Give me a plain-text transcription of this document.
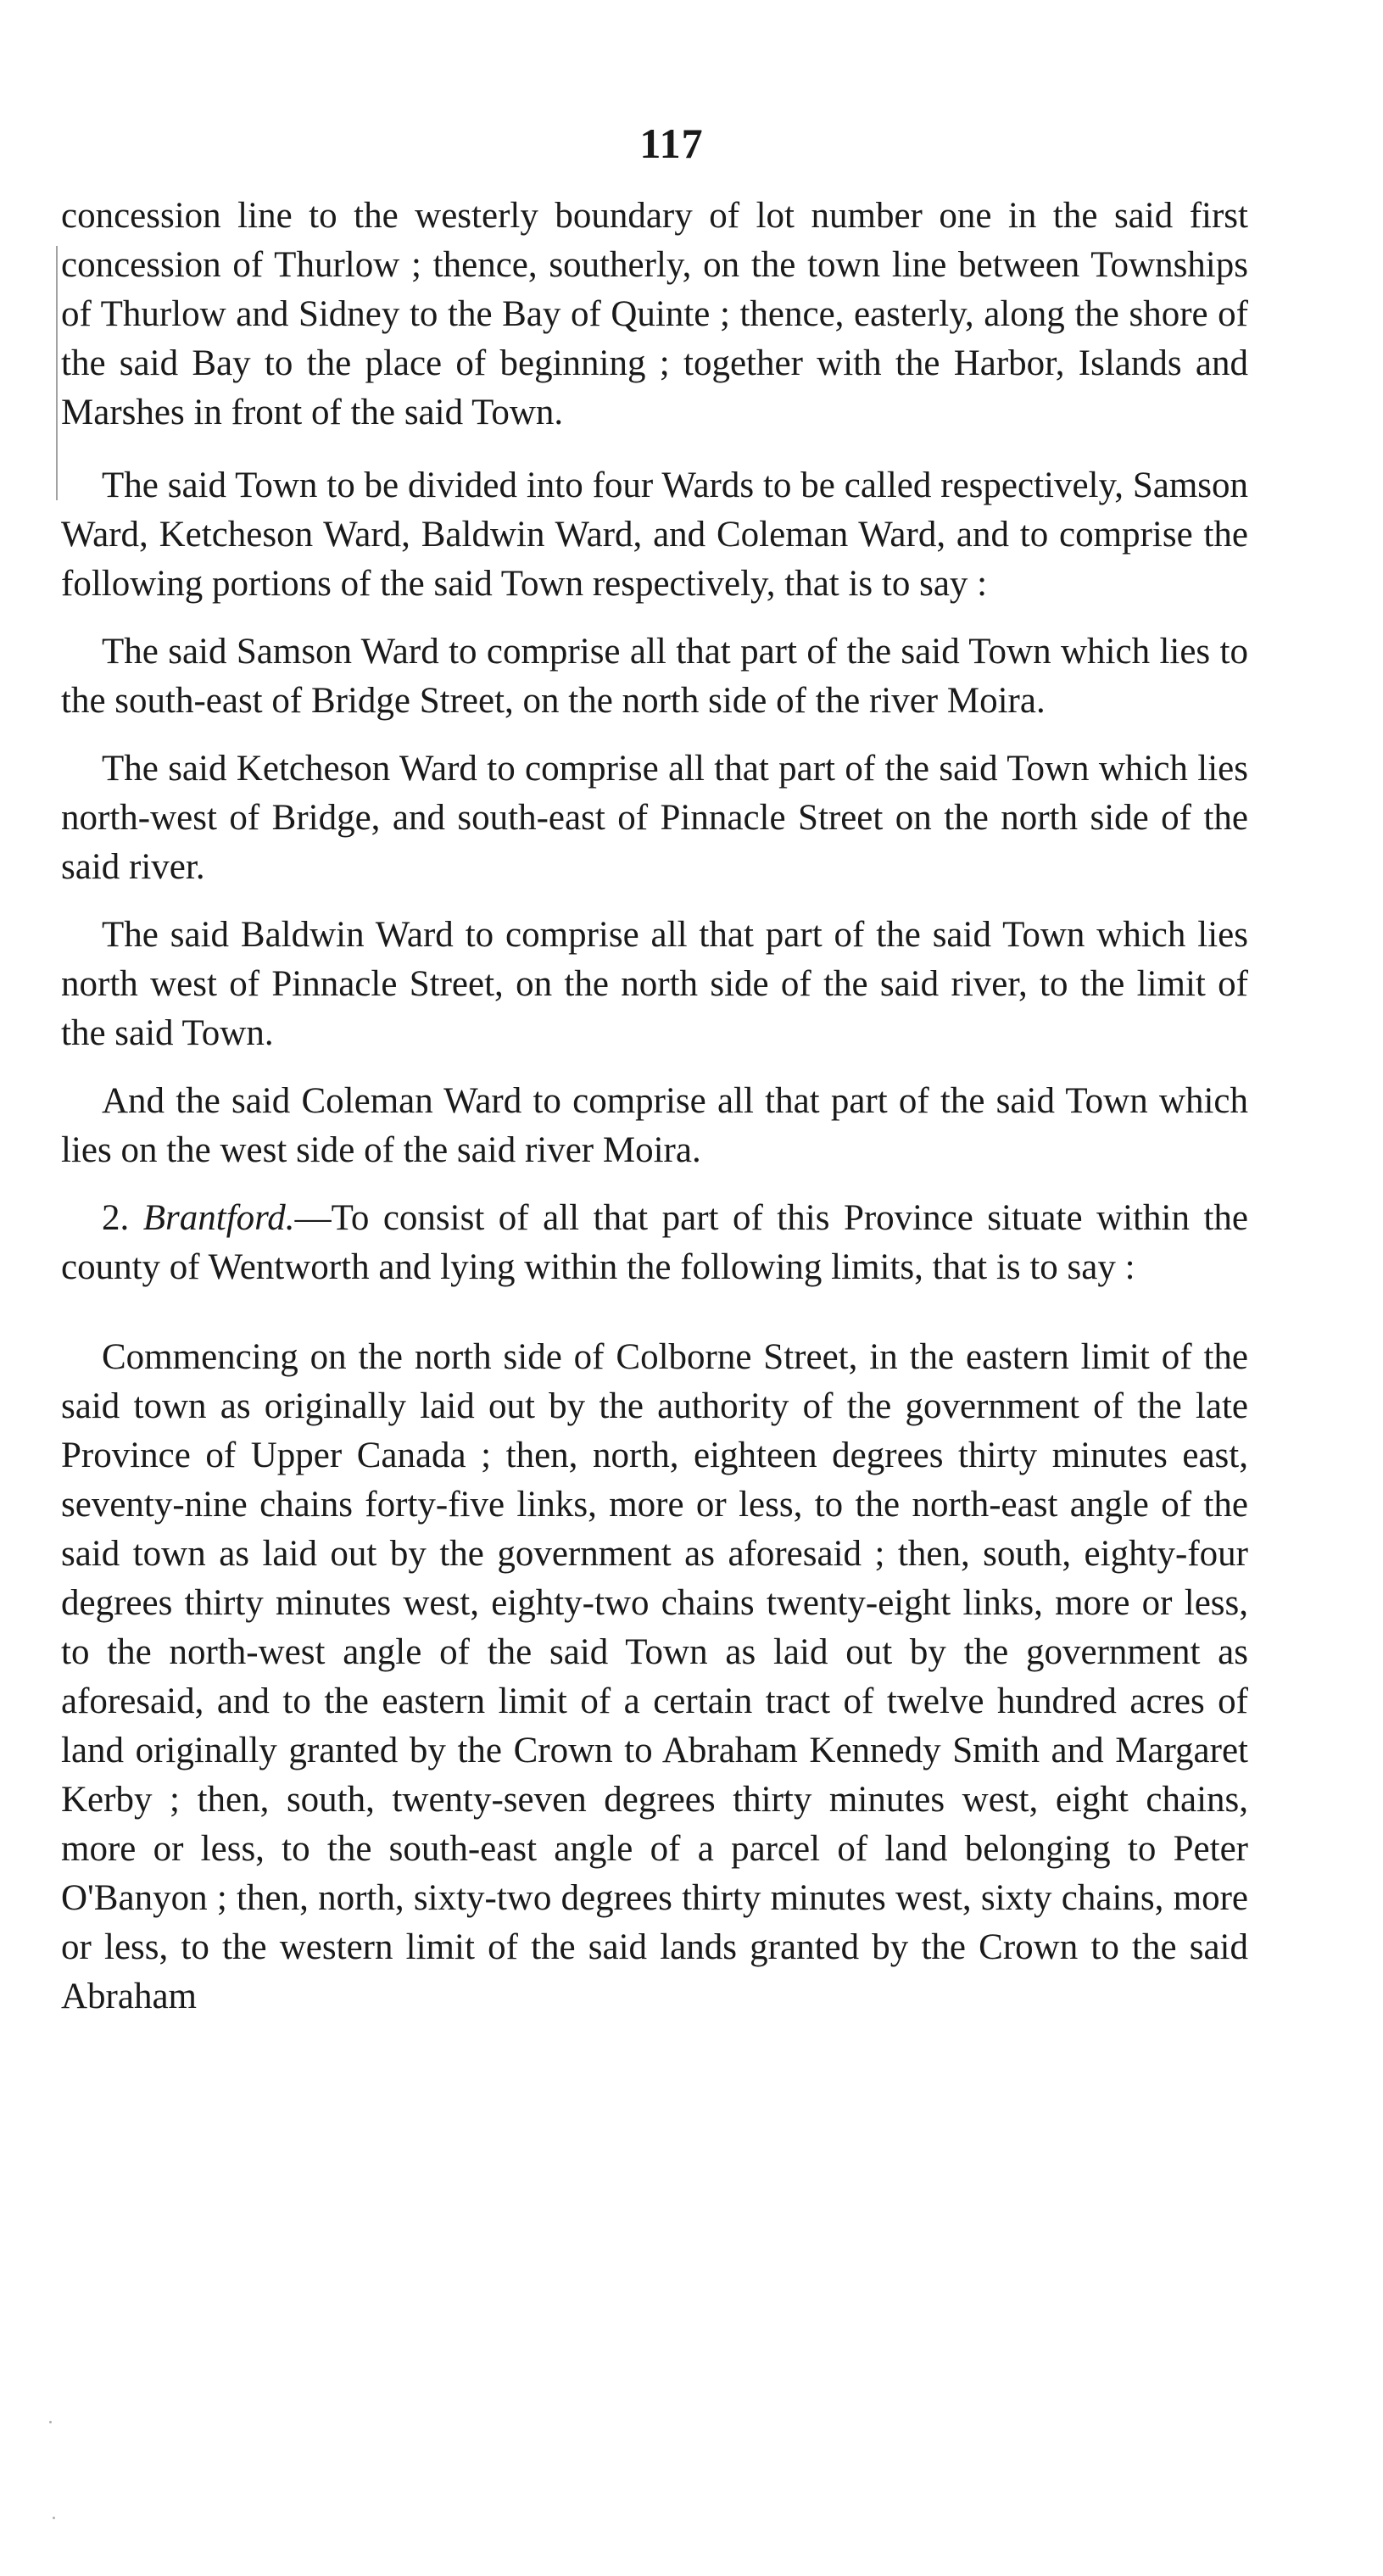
117

concession line to the westerly boundary of lot number one in the said first concession of Thurlow ; thence, southerly, on the town line between Townships of Thurlow and Sidney to the Bay of Quinte ; thence, easterly, along the shore of the said Bay to the place of beginning ; together with the Harbor, Islands and Marshes in front of the said Town.

The said Town to be divided into four Wards to be called respectively, Samson Ward, Ketcheson Ward, Baldwin Ward, and Coleman Ward, and to comprise the following portions of the said Town respectively, that is to say :

The said Samson Ward to comprise all that part of the said Town which lies to the south-east of Bridge Street, on the north side of the river Moira.

The said Ketcheson Ward to comprise all that part of the said Town which lies north-west of Bridge, and south-east of Pinnacle Street on the north side of the said river.

The said Baldwin Ward to comprise all that part of the said Town which lies north west of Pinnacle Street, on the north side of the said river, to the limit of the said Town.

And the said Coleman Ward to comprise all that part of the said Town which lies on the west side of the said river Moira.

2. Brantford.—To consist of all that part of this Province situate within the county of Wentworth and lying within the following limits, that is to say :

Commencing on the north side of Colborne Street, in the eastern limit of the said town as originally laid out by the authority of the government of the late Province of Upper Canada ; then, north, eighteen degrees thirty minutes east, seventy-nine chains forty-five links, more or less, to the north-east angle of the said town as laid out by the government as aforesaid ; then, south, eighty-four degrees thirty minutes west, eighty-two chains twenty-eight links, more or less, to the north-west angle of the said Town as laid out by the government as aforesaid, and to the eastern limit of a certain tract of twelve hundred acres of land originally granted by the Crown to Abraham Kennedy Smith and Margaret Kerby ; then, south, twenty-seven degrees thirty minutes west, eight chains, more or less, to the south-east angle of a parcel of land belonging to Peter O'Banyon ; then, north, sixty-two degrees thirty minutes west, sixty chains, more or less, to the western limit of the said lands granted by the Crown to the said Abraham
